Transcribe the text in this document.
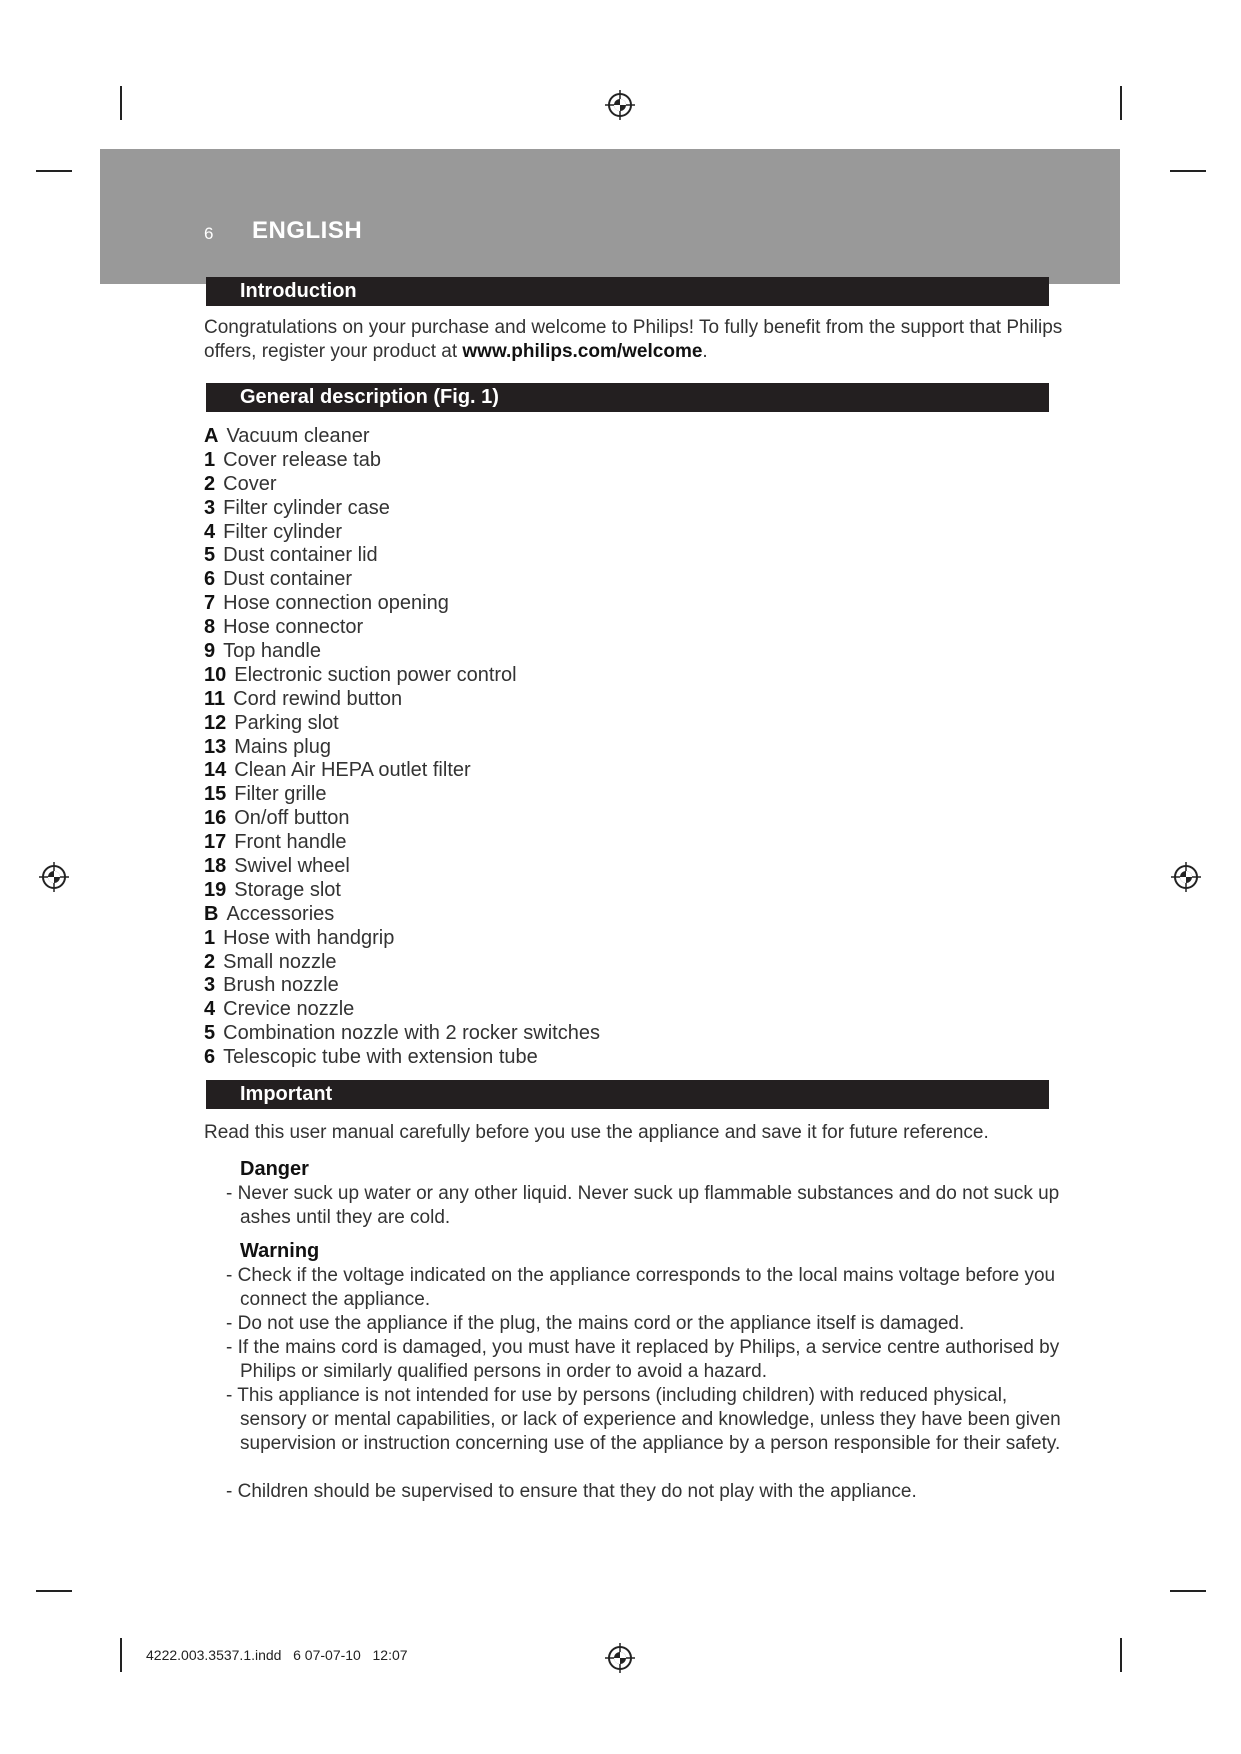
6 ENGLISH
Introduction
Congratulations on your purchase and welcome to Philips! To fully benefit from the support that Philips offers, register your product at www.philips.com/welcome.
General description (Fig. 1)
A Vacuum cleaner
1 Cover release tab
2 Cover
3 Filter cylinder case
4 Filter cylinder
5 Dust container lid
6 Dust container
7 Hose connection opening
8 Hose connector
9 Top handle
10 Electronic suction power control
11 Cord rewind button
12 Parking slot
13 Mains plug
14 Clean Air HEPA outlet filter
15 Filter grille
16 On/off button
17 Front handle
18 Swivel wheel
19 Storage slot
B Accessories
1 Hose with handgrip
2 Small nozzle
3 Brush nozzle
4 Crevice nozzle
5 Combination nozzle with 2 rocker switches
6 Telescopic tube with extension tube
Important
Read this user manual carefully before you use the appliance and save it for future reference.
Danger
- Never suck up water or any other liquid. Never suck up flammable substances and do not suck up ashes until they are cold.
Warning
- Check if the voltage indicated on the appliance corresponds to the local mains voltage before you connect the appliance.
- Do not use the appliance if the plug, the mains cord or the appliance itself is damaged.
- If the mains cord is damaged, you must have it replaced by Philips, a service centre authorised by Philips or similarly qualified persons in order to avoid a hazard.
- This appliance is not intended for use by persons (including children) with reduced physical, sensory or mental capabilities, or lack of experience and knowledge, unless they have been given supervision or instruction concerning use of the appliance by a person responsible for their safety.
- Children should be supervised to ensure that they do not play with the appliance.
4222.003.3537.1.indd   6 07-07-10   12:07
